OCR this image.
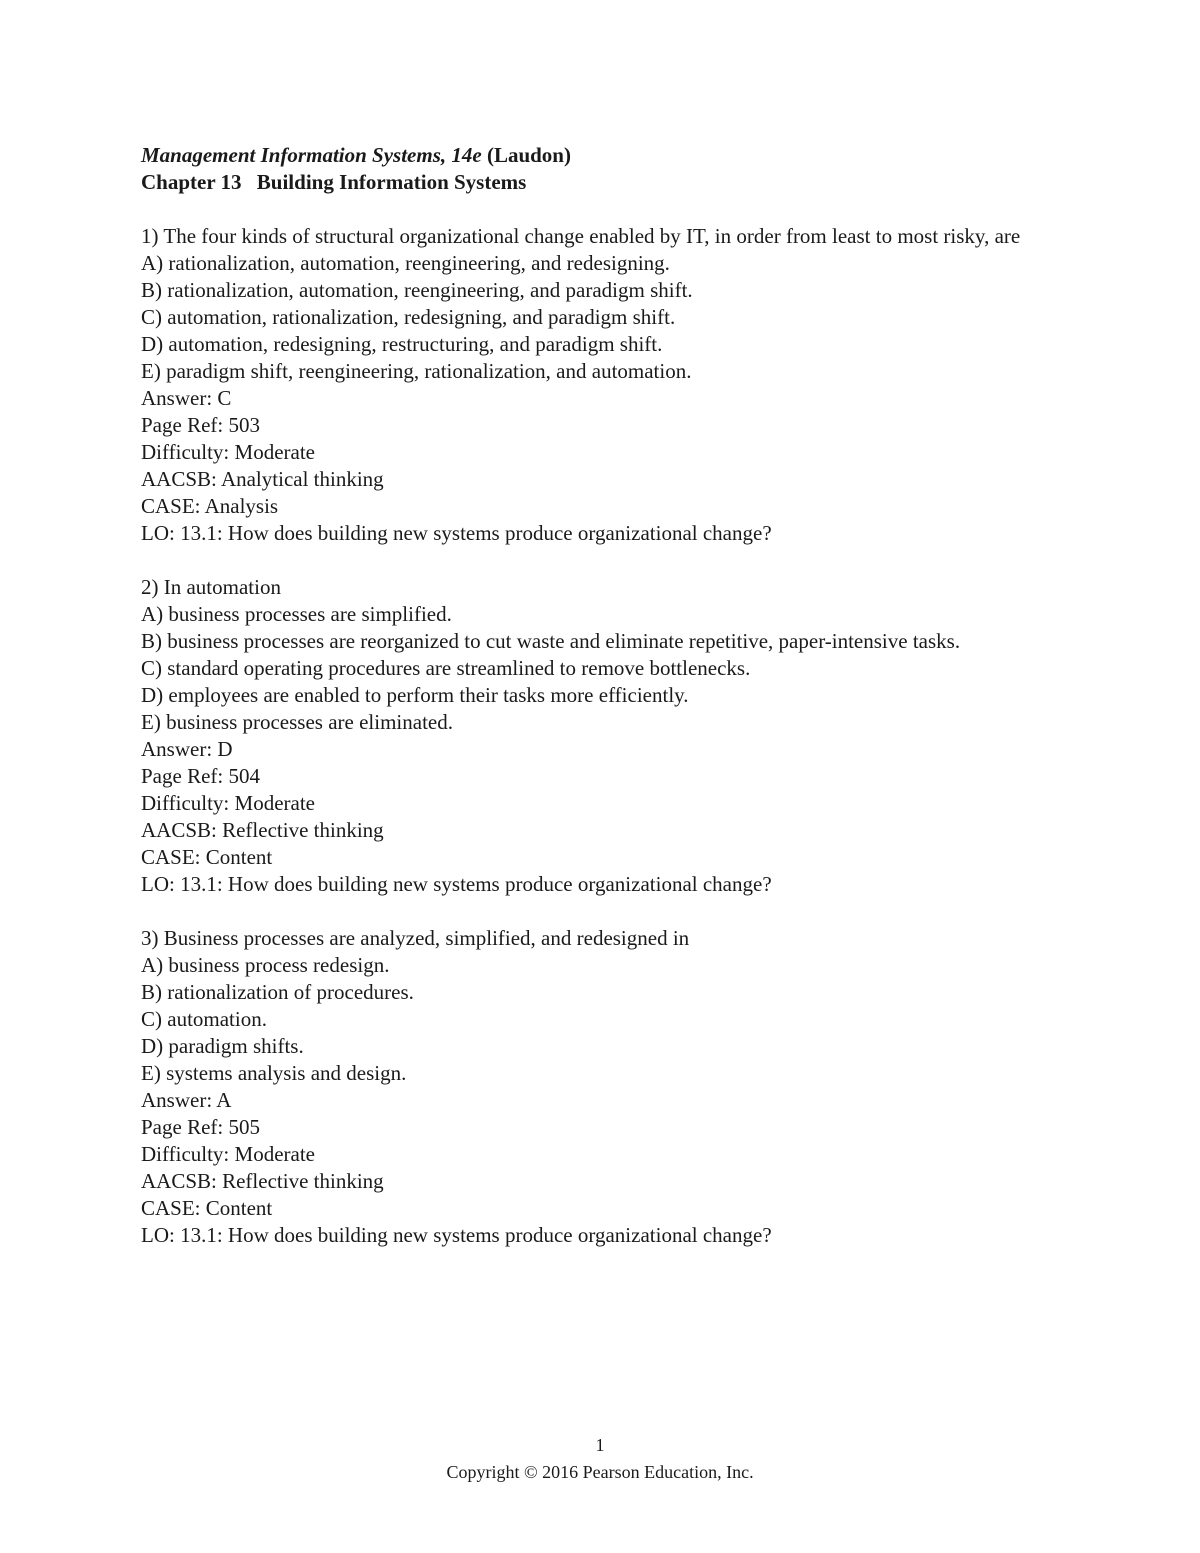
Management Information Systems, 14e (Laudon)
Chapter 13 Building Information Systems

1) The four kinds of structural organizational change enabled by IT, in order from least to most risky, are

A) rationalization, automation, reengineering, and redesigning.

B) rationalization, automation, reengineering, and paradigm shift.

C) automation, rationalization, redesigning, and paradigm shift.

D) automation, redesigning, restructuring, and paradigm shift.

E) paradigm shift, reengineering, rationalization, and automation.

Answer: C

Page Ref: 503

Difficulty: Moderate

AACSB: Analytical thinking

CASE: Analysis

LO: 13.1: How does building new systems produce organizational change?

2) In automation

A) business processes are simplified.

B) business processes are reorganized to cut waste and eliminate repetitive, paper-intensive tasks.

C) standard operating procedures are streamlined to remove bottlenecks.

D) employees are enabled to perform their tasks more efficiently.

E) business processes are eliminated.

Answer: D

Page Ref: 504

Difficulty: Moderate

AACSB: Reflective thinking

CASE: Content

LO: 13.1: How does building new systems produce organizational change?

3) Business processes are analyzed, simplified, and redesigned in

A) business process redesign.

B) rationalization of procedures.

C) automation.

D) paradigm shifts.

E) systems analysis and design.

Answer: A

Page Ref: 505

Difficulty: Moderate

AACSB: Reflective thinking

CASE: Content

LO: 13.1: How does building new systems produce organizational change?

1
Copyright © 2016 Pearson Education, Inc.
